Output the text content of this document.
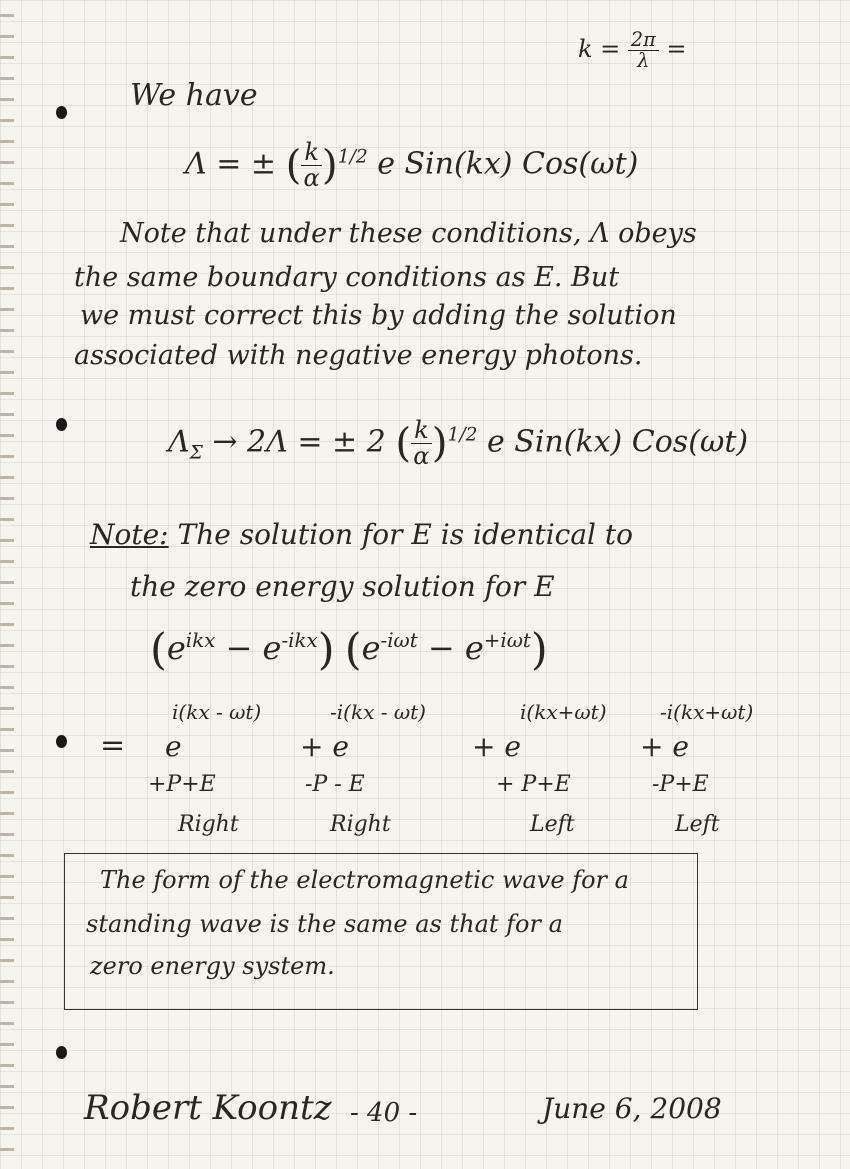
$k = \frac{2\pi}{\lambda}$ =
We have
Λ = ± ( $\frac{k}{\alpha} )^{1/2}$ e Sin(kx) Cos(ωt)
Note that under these conditions, Λ obeys
the same boundary conditions as E. But
we must correct this by adding the solution
associated with negative energy photons.
$\Lambda_\Sigma \to 2\Lambda$ = ± 2 ( $\frac{k}{\alpha} )^{1/2}$ e Sin(kx) Cos(ωt)
Note: The solution for E is identical to
the zero energy solution for E
$(e^{ikx} - e^{-ikx}) (e^{-i\omega t} - e^{+i\omega t})$
=
i(kx - ωt)
e
+P+E
Right
-i(kx - ωt)
+ e
-P - E
Right
i(kx+ωt)
+ e
+ P+E
Left
-i(kx+ωt)
+ e
-P+E
Left
The form of the electromagnetic wave for a
standing wave is the same as that for a
zero energy system.
Robert Koontz - 40 -	June 6, 2008
